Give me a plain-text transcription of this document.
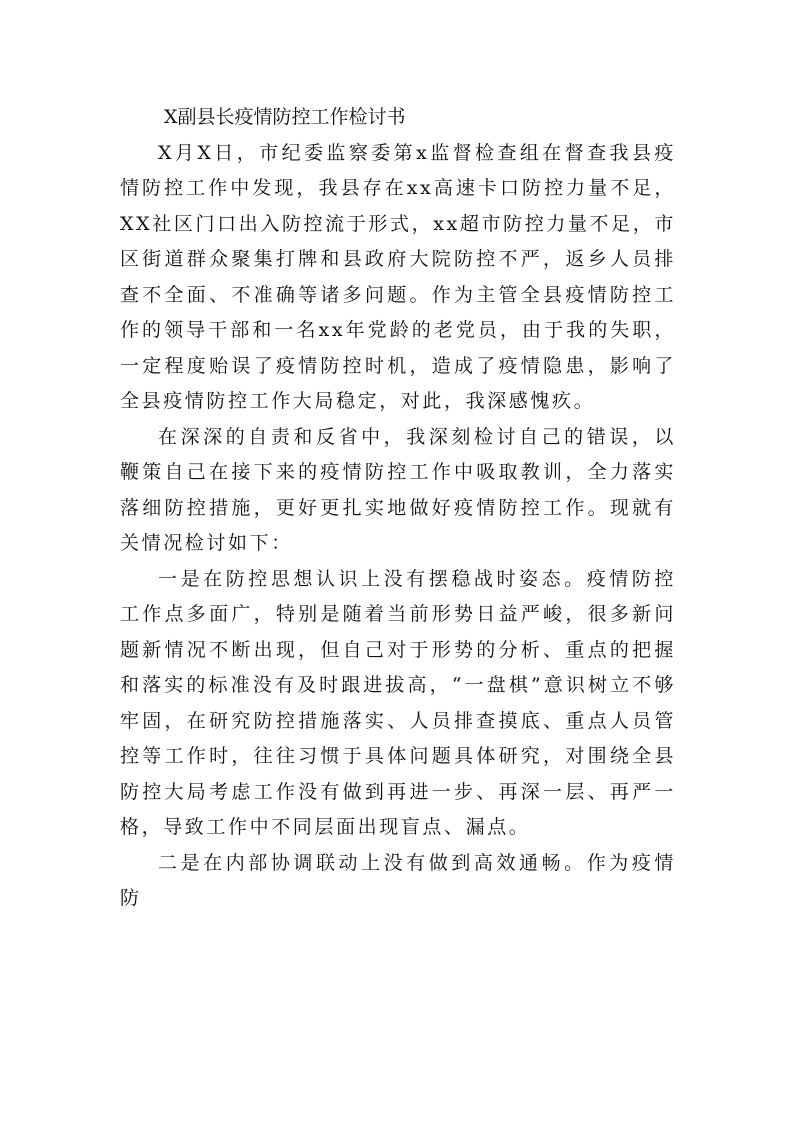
X副县长疫情防控工作检讨书

X月X日，市纪委监察委第x监督检查组在督查我县疫情防控工作中发现，我县存在xx高速卡口防控力量不足，XX社区门口出入防控流于形式，xx超市防控力量不足，市区街道群众聚集打牌和县政府大院防控不严，返乡人员排查不全面、不准确等诸多问题。作为主管全县疫情防控工作的领导干部和一名xx年党龄的老党员，由于我的失职，一定程度贻误了疫情防控时机，造成了疫情隐患，影响了全县疫情防控工作大局稳定，对此，我深感愧疚。

在深深的自责和反省中，我深刻检讨自己的错误，以鞭策自己在接下来的疫情防控工作中吸取教训，全力落实落细防控措施，更好更扎实地做好疫情防控工作。现就有关情况检讨如下：

一是在防控思想认识上没有摆稳战时姿态。疫情防控工作点多面广，特别是随着当前形势日益严峻，很多新问题新情况不断出现，但自己对于形势的分析、重点的把握和落实的标准没有及时跟进拔高，“一盘棋”意识树立不够牢固，在研究防控措施落实、人员排查摸底、重点人员管控等工作时，往往习惯于具体问题具体研究，对围绕全县防控大局考虑工作没有做到再进一步、再深一层、再严一格，导致工作中不同层面出现盲点、漏点。

二是在内部协调联动上没有做到高效通畅。作为疫情防
